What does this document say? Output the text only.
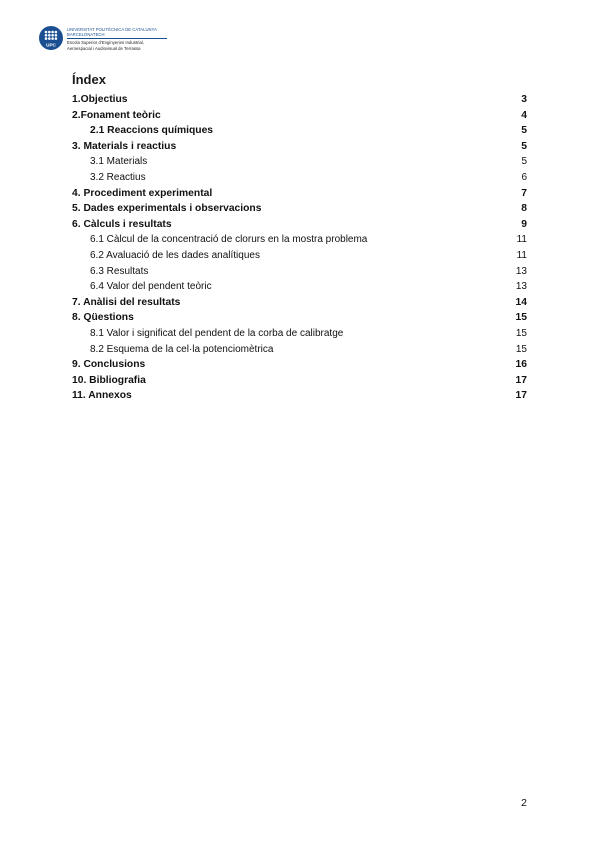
UPC
UNIVERSITAT POLITÈCNICA DE CATALUNYA
BARCELONATECH
Escola Superior d'Enginyeries Industrial,
Aeroespacial i Audiovisual de Terrassa
Índex
1.Objectius	3
2.Fonament teòric	4
2.1 Reaccions químiques	5
3. Materials i reactius	5
3.1 Materials	5
3.2 Reactius	6
4. Procediment experimental	7
5. Dades experimentals i observacions	8
6. Càlculs i resultats	9
6.1 Càlcul de la concentració de clorurs en la mostra problema	11
6.2 Avaluació de les dades analítiques	11
6.3 Resultats	13
6.4 Valor del pendent teòric	13
7. Anàlisi del resultats	14
8. Qüestions	15
8.1 Valor i significat del pendent de la corba de calibratge	15
8.2 Esquema de la cel·la potenciomètrica	15
9. Conclusions	16
10. Bibliografia	17
11. Annexos	17
2
